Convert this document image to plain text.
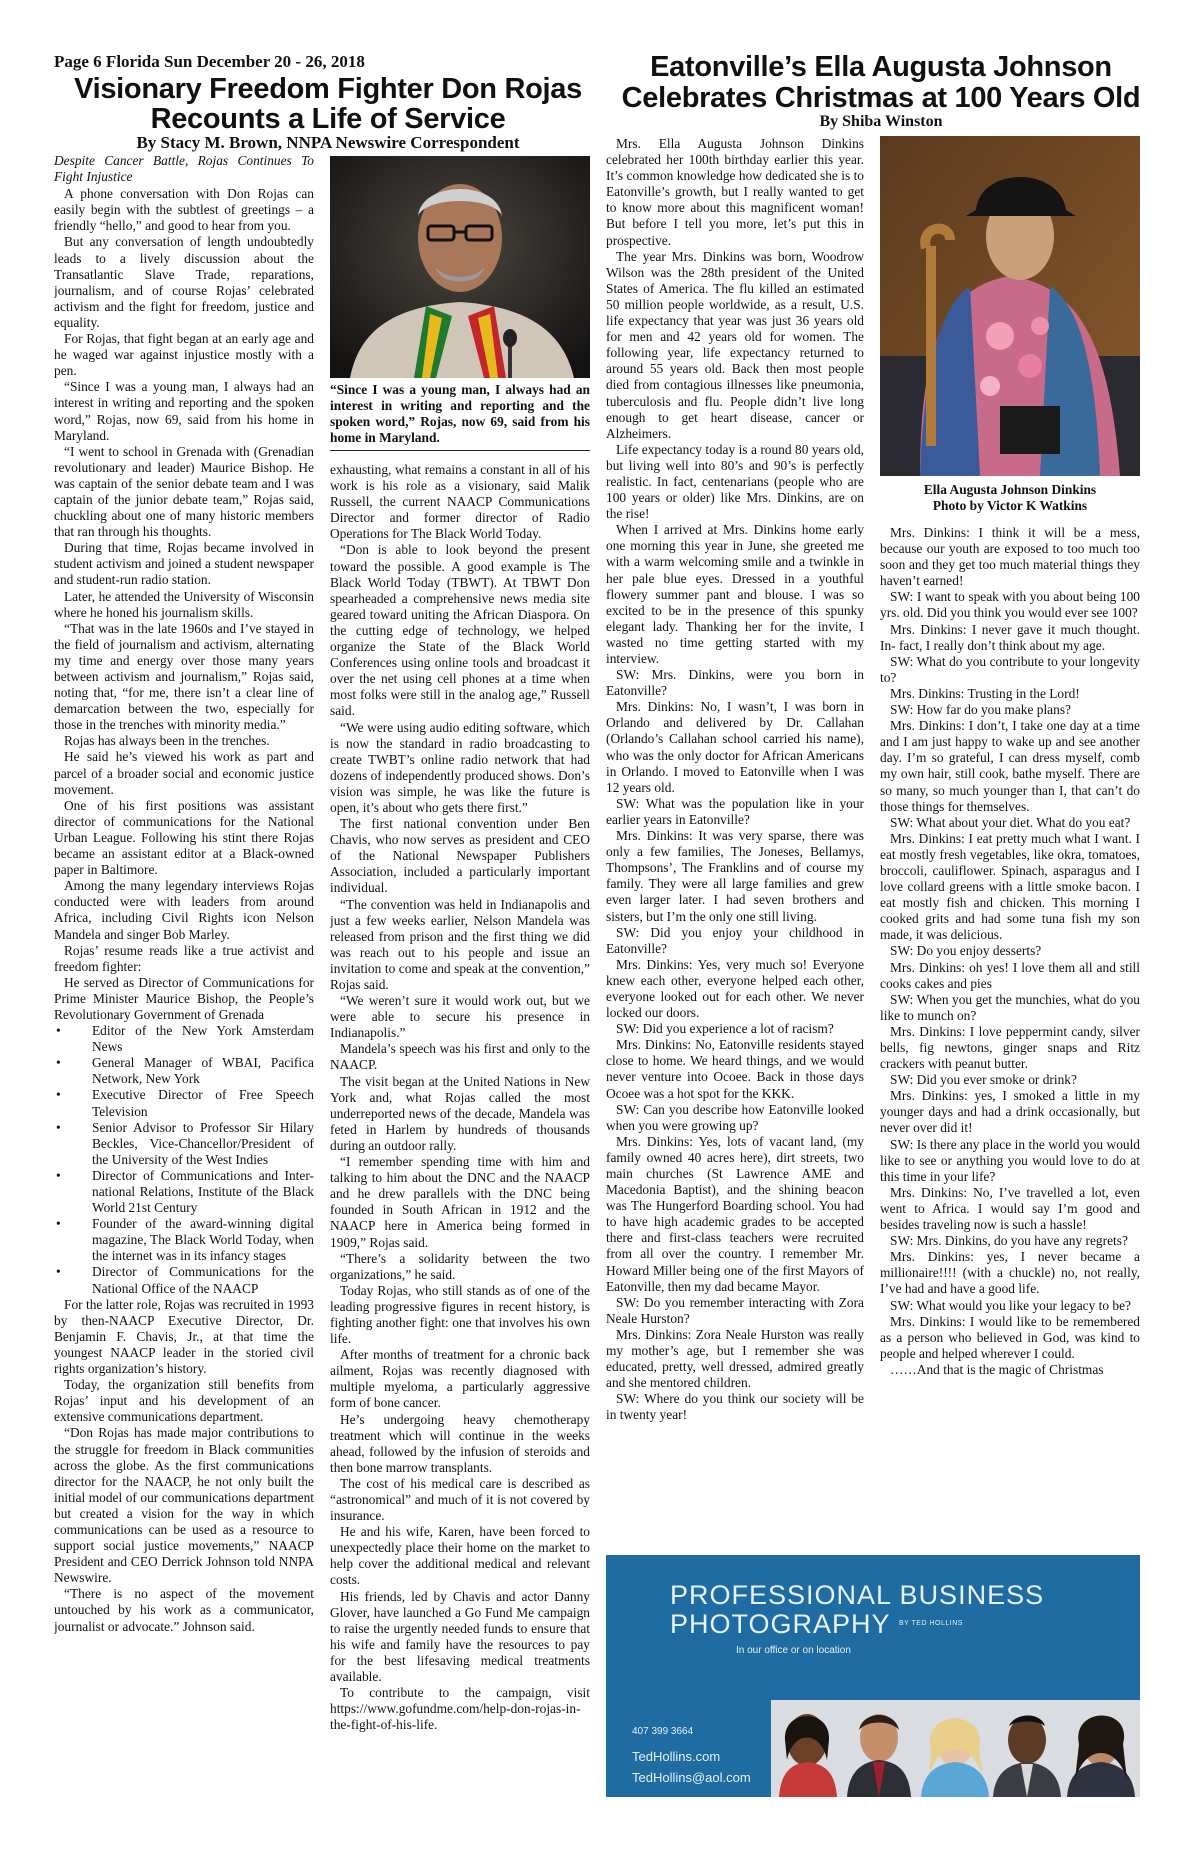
Page 6 Florida Sun December 20 - 26, 2018
Visionary Freedom Fighter Don Rojas
Recounts a Life of Service
By Stacy M. Brown, NNPA Newswire Correspondent
Eatonville’s Ella Augusta Johnson
Celebrates Christmas at 100 Years Old
By Shiba Winston

Despite Cancer Battle, Rojas Continues To Fight Injustice

A phone conversation with Don Rojas can easily begin with the subtlest of greetings – a friendly “hello,” and good to hear from you.

But any conversation of length undoubtedly leads to a lively discussion about the Transatlantic Slave Trade, reparations, journalism, and of course Rojas’ celebrated activism and the fight for freedom, justice and equality.

For Rojas, that fight began at an early age and he waged war against injustice mostly with a pen.

“Since I was a young man, I always had an interest in writing and reporting and the spoken word,” Rojas, now 69, said from his home in Maryland.

“I went to school in Grenada with (Grenadian revolutionary and leader) Maurice Bishop. He was captain of the senior debate team and I was captain of the junior debate team,” Rojas said, chuckling about one of many historic members that ran through his thoughts.

During that time, Rojas became involved in student activism and joined a student newspaper and student-run radio station.

Later, he attended the University of Wisconsin where he honed his journalism skills.

“That was in the late 1960s and I’ve stayed in the field of journalism and activism, alternating my time and energy over those many years between activism and journalism,” Rojas said, noting that, “for me, there isn’t a clear line of demarcation between the two, especially for those in the trenches with minority media.”

Rojas has always been in the trenches.

He said he’s viewed his work as part and parcel of a broader social and economic justice movement.

One of his first positions was assistant director of communications for the National Urban League. Following his stint there Rojas became an assistant editor at a Black-owned paper in Baltimore.

Among the many legendary interviews Rojas conducted were with leaders from around Africa, including Civil Rights icon Nelson Mandela and singer Bob Marley.

Rojas’ resume reads like a true activist and freedom fighter:

He served as Director of Communications for Prime Minister Maurice Bishop, the People’s Revolutionary Government of Grenada

• Editor of the New York Amsterdam News
• General Manager of WBAI, Pacifica Network, New York
• Executive Director of Free Speech Television
• Senior Advisor to Professor Sir Hilary Beckles, Vice-Chancellor/President of the University of the West Indies
• Director of Communications and Inter-national Relations, Institute of the Black World 21st Century
• Founder of the award-winning digital magazine, The Black World Today, when the internet was in its infancy stages
• Director of Communications for the National Office of the NAACP

For the latter role, Rojas was recruited in 1993 by then-NAACP Executive Director, Dr. Benjamin F. Chavis, Jr., at that time the youngest NAACP leader in the storied civil rights organization’s history.

Today, the organization still benefits from Rojas’ input and his development of an extensive communications department.

“Don Rojas has made major contributions to the struggle for freedom in Black communities across the globe. As the first communications director for the NAACP, he not only built the initial model of our communications department but created a vision for the way in which communications can be used as a resource to support social justice movements,” NAACP President and CEO Derrick Johnson told NNPA Newswire.

“There is no aspect of the movement untouched by his work as a communicator, journalist or advocate.” Johnson said.

“Since I was a young man, I always had an interest in writing and reporting and the spoken word,” Rojas, now 69, said from his home in Maryland.

exhausting, what remains a constant in all of his work is his role as a visionary, said Malik Russell, the current NAACP Communications Director and former director of Radio Operations for The Black World Today.

“Don is able to look beyond the present toward the possible. A good example is The Black World Today (TBWT). At TBWT Don spearheaded a comprehensive news media site geared toward uniting the African Diaspora. On the cutting edge of technology, we helped organize the State of the Black World Conferences using online tools and broadcast it over the net using cell phones at a time when most folks were still in the analog age,” Russell said.

“We were using audio editing software, which is now the standard in radio broadcasting to create TWBT’s online radio network that had dozens of independently produced shows. Don’s vision was simple, he was like the future is open, it’s about who gets there first.”

The first national convention under Ben Chavis, who now serves as president and CEO of the National Newspaper Publishers Association, included a particularly important individual.

“The convention was held in Indianapolis and just a few weeks earlier, Nelson Mandela was released from prison and the first thing we did was reach out to his people and issue an invitation to come and speak at the convention,” Rojas said.

“We weren’t sure it would work out, but we were able to secure his presence in Indianapolis.”

Mandela’s speech was his first and only to the NAACP.

The visit began at the United Nations in New York and, what Rojas called the most underreported news of the decade, Mandela was feted in Harlem by hundreds of thousands during an outdoor rally.

“I remember spending time with him and talking to him about the DNC and the NAACP and he drew parallels with the DNC being founded in South African in 1912 and the NAACP here in America being formed in 1909,” Rojas said.

“There’s a solidarity between the two organizations,” he said.

Today Rojas, who still stands as of one of the leading progressive figures in recent history, is fighting another fight: one that involves his own life.

After months of treatment for a chronic back ailment, Rojas was recently diagnosed with multiple myeloma, a particularly aggressive form of bone cancer.

He’s undergoing heavy chemotherapy treatment which will continue in the weeks ahead, followed by the infusion of steroids and then bone marrow transplants.

The cost of his medical care is described as “astronomical” and much of it is not covered by insurance.

He and his wife, Karen, have been forced to unexpectedly place their home on the market to help cover the additional medical and relevant costs.

His friends, led by Chavis and actor Danny Glover, have launched a Go Fund Me campaign to raise the urgently needed funds to ensure that his wife and family have the resources to pay for the best lifesaving medical treatments available.

To contribute to the campaign, visit https://www.gofundme.com/help-don-rojas-in-the-fight-of-his-life.

Mrs. Ella Augusta Johnson Dinkins celebrated her 100th birthday earlier this year. It’s common knowledge how dedicated she is to Eatonville’s growth, but I really wanted to get to know more about this magnificent woman! But before I tell you more, let’s put this in prospective.

The year Mrs. Dinkins was born, Woodrow Wilson was the 28th president of the United States of America. The flu killed an estimated 50 million people worldwide, as a result, U.S. life expectancy that year was just 36 years old for men and 42 years old for women. The following year, life expectancy returned to around 55 years old. Back then most people died from contagious illnesses like pneumonia, tuberculosis and flu. People didn’t live long enough to get heart disease, cancer or Alzheimers.

Life expectancy today is a round 80 years old, but living well into 80’s and 90’s is perfectly realistic. In fact, centenarians (people who are 100 years or older) like Mrs. Dinkins, are on the rise!

When I arrived at Mrs. Dinkins home early one morning this year in June, she greeted me with a warm welcoming smile and a twinkle in her pale blue eyes. Dressed in a youthful flowery summer pant and blouse. I was so excited to be in the presence of this spunky elegant lady. Thanking her for the invite, I wasted no time getting started with my interview.

SW: Mrs. Dinkins, were you born in Eatonville?

Mrs. Dinkins: No, I wasn’t, I was born in Orlando and delivered by Dr. Callahan (Orlando’s Callahan school carried his name), who was the only doctor for African Americans in Orlando. I moved to Eatonville when I was 12 years old.

SW: What was the population like in your earlier years in Eatonville?

Mrs. Dinkins: It was very sparse, there was only a few families, The Joneses, Bellamys, Thompsons’, The Franklins and of course my family. They were all large families and grew even larger later. I had seven brothers and sisters, but I’m the only one still living.

SW: Did you enjoy your childhood in Eatonville?

Mrs. Dinkins: Yes, very much so! Everyone knew each other, everyone helped each other, everyone looked out for each other. We never locked our doors.

SW: Did you experience a lot of racism?

Mrs. Dinkins: No, Eatonville residents stayed close to home. We heard things, and we would never venture into Ocoee. Back in those days Ocoee was a hot spot for the KKK.

SW: Can you describe how Eatonville looked when you were growing up?

Mrs. Dinkins: Yes, lots of vacant land, (my family owned 40 acres here), dirt streets, two main churches (St Lawrence AME and Macedonia Baptist), and the shining beacon was The Hungerford Boarding school. You had to have high academic grades to be accepted there and first-class teachers were recruited from all over the country. I remember Mr. Howard Miller being one of the first Mayors of Eatonville, then my dad became Mayor.

SW: Do you remember interacting with Zora Neale Hurston?

Mrs. Dinkins: Zora Neale Hurston was really my mother’s age, but I remember she was educated, pretty, well dressed, admired greatly and she mentored children.

SW: Where do you think our society will be in twenty year!

Ella Augusta Johnson Dinkins
Photo by Victor K Watkins

Mrs. Dinkins: I think it will be a mess, because our youth are exposed to too much too soon and they get too much material things they haven’t earned!

SW: I want to speak with you about being 100 yrs. old. Did you think you would ever see 100?

Mrs. Dinkins: I never gave it much thought. In- fact, I really don’t think about my age.

SW: What do you contribute to your longevity to?

Mrs. Dinkins: Trusting in the Lord!

SW: How far do you make plans?

Mrs. Dinkins: I don’t, I take one day at a time and I am just happy to wake up and see another day. I’m so grateful, I can dress myself, comb my own hair, still cook, bathe myself. There are so many, so much younger than I, that can’t do those things for themselves.

SW: What about your diet. What do you eat?

Mrs. Dinkins: I eat pretty much what I want. I eat mostly fresh vegetables, like okra, tomatoes, broccoli, cauliflower. Spinach, asparagus and I love collard greens with a little smoke bacon. I eat mostly fish and chicken. This morning I cooked grits and had some tuna fish my son made, it was delicious.

SW: Do you enjoy desserts?

Mrs. Dinkins: oh yes! I love them all and still cooks cakes and pies

SW: When you get the munchies, what do you like to munch on?

Mrs. Dinkins: I love peppermint candy, silver bells, fig newtons, ginger snaps and Ritz crackers with peanut butter.

SW: Did you ever smoke or drink?

Mrs. Dinkins: yes, I smoked a little in my younger days and had a drink occasionally, but never over did it!

SW: Is there any place in the world you would like to see or anything you would love to do at this time in your life?

Mrs. Dinkins: No, I’ve travelled a lot, even went to Africa. I would say I’m good and besides traveling now is such a hassle!

SW: Mrs. Dinkins, do you have any regrets?

Mrs. Dinkins: yes, I never became a millionaire!!!! (with a chuckle) no, not really, I’ve had and have a good life.

SW: What would you like your legacy to be?

Mrs. Dinkins: I would like to be remembered as a person who believed in God, was kind to people and helped wherever I could.

……And that is the magic of Christmas

PROFESSIONAL BUSINESS
PHOTOGRAPHY	BY TED HOLLINS
In our office or on location
407 399 3664
TedHollins.com
TedHollins@aol.com
